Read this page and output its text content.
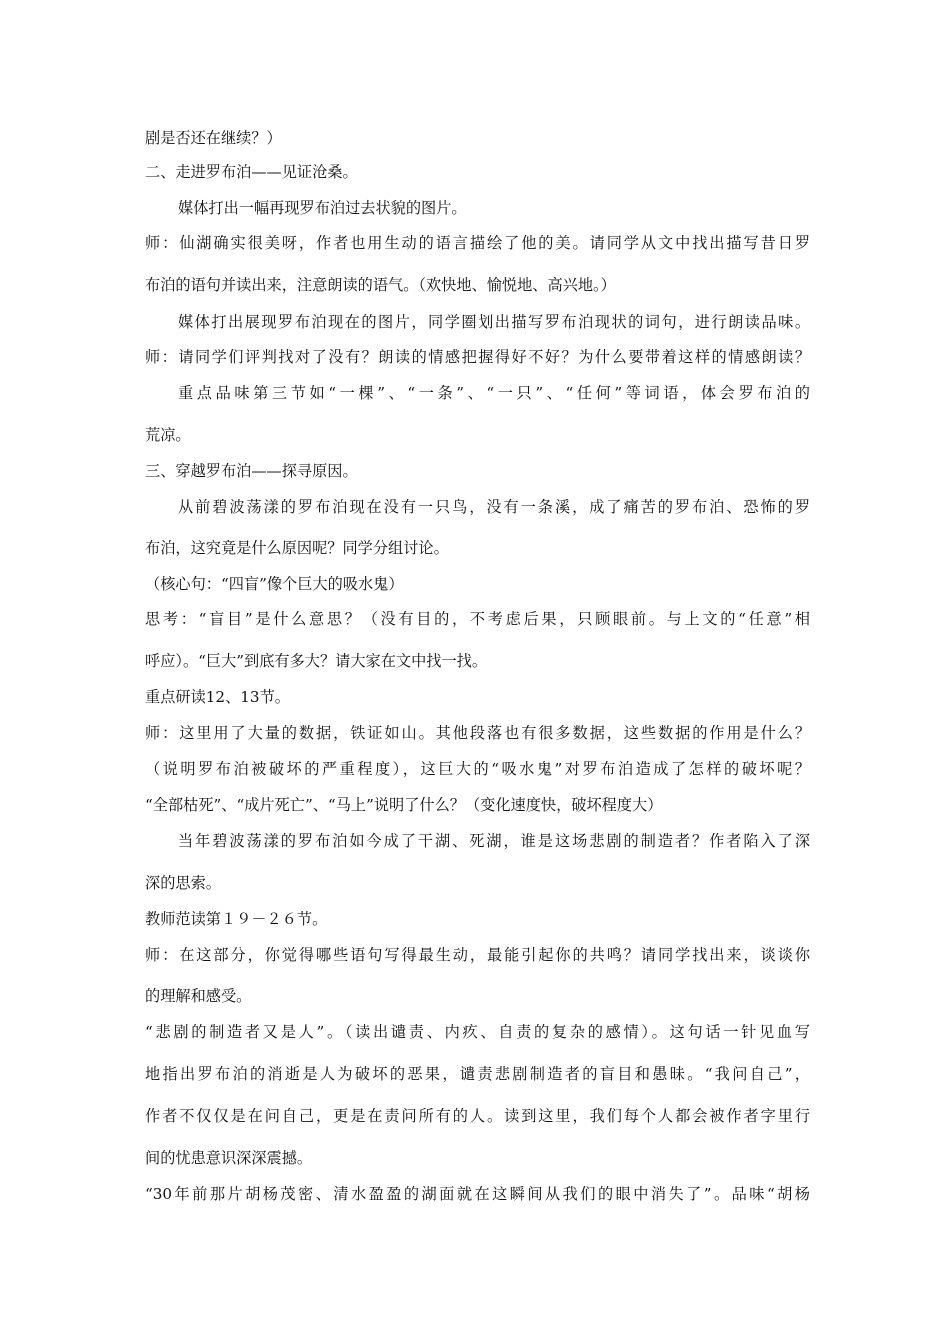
剧是否还在继续？）
二、走进罗布泊——见证沧桑。
媒体打出一幅再现罗布泊过去状貌的图片。
师：仙湖确实很美呀，作者也用生动的语言描绘了他的美。请同学从文中找出描写昔日罗
布泊的语句并读出来，注意朗读的语气。（欢快地、愉悦地、高兴地。）
媒体打出展现罗布泊现在的图片，同学圈划出描写罗布泊现状的词句，进行朗读品味。
师：请同学们评判找对了没有？朗读的情感把握得好不好？为什么要带着这样的情感朗读？
重点品味第三节如“一棵”、“一条”、“一只”、“任何”等词语，体会罗布泊的
荒凉。
三、穿越罗布泊——探寻原因。
从前碧波荡漾的罗布泊现在没有一只鸟，没有一条溪，成了痛苦的罗布泊、恐怖的罗
布泊，这究竟是什么原因呢？同学分组讨论。
（核心句：“四盲”像个巨大的吸水鬼）
思考：“盲目”是什么意思？（没有目的，不考虑后果，只顾眼前。与上文的“任意”相
呼应）。“巨大”到底有多大？请大家在文中找一找。
重点研读12、13节。
师：这里用了大量的数据，铁证如山。其他段落也有很多数据，这些数据的作用是什么？
（说明罗布泊被破坏的严重程度），这巨大的“吸水鬼”对罗布泊造成了怎样的破坏呢？
“全部枯死”、“成片死亡”、“马上”说明了什么？（变化速度快，破坏程度大）
当年碧波荡漾的罗布泊如今成了干湖、死湖，谁是这场悲剧的制造者？作者陷入了深
深的思索。
教师范读第１９－２６节。
师：在这部分，你觉得哪些语句写得最生动，最能引起你的共鸣？请同学找出来，谈谈你
的理解和感受。
“悲剧的制造者又是人”。（读出谴责、内疚、自责的复杂的感情）。这句话一针见血写
地指出罗布泊的消逝是人为破坏的恶果，谴责悲剧制造者的盲目和愚昧。“我问自己”，
作者不仅仅是在问自己，更是在责问所有的人。读到这里，我们每个人都会被作者字里行
间的忧患意识深深震撼。
“30年前那片胡杨茂密、清水盈盈的湖面就在这瞬间从我们的眼中消失了”。品味“胡杨
